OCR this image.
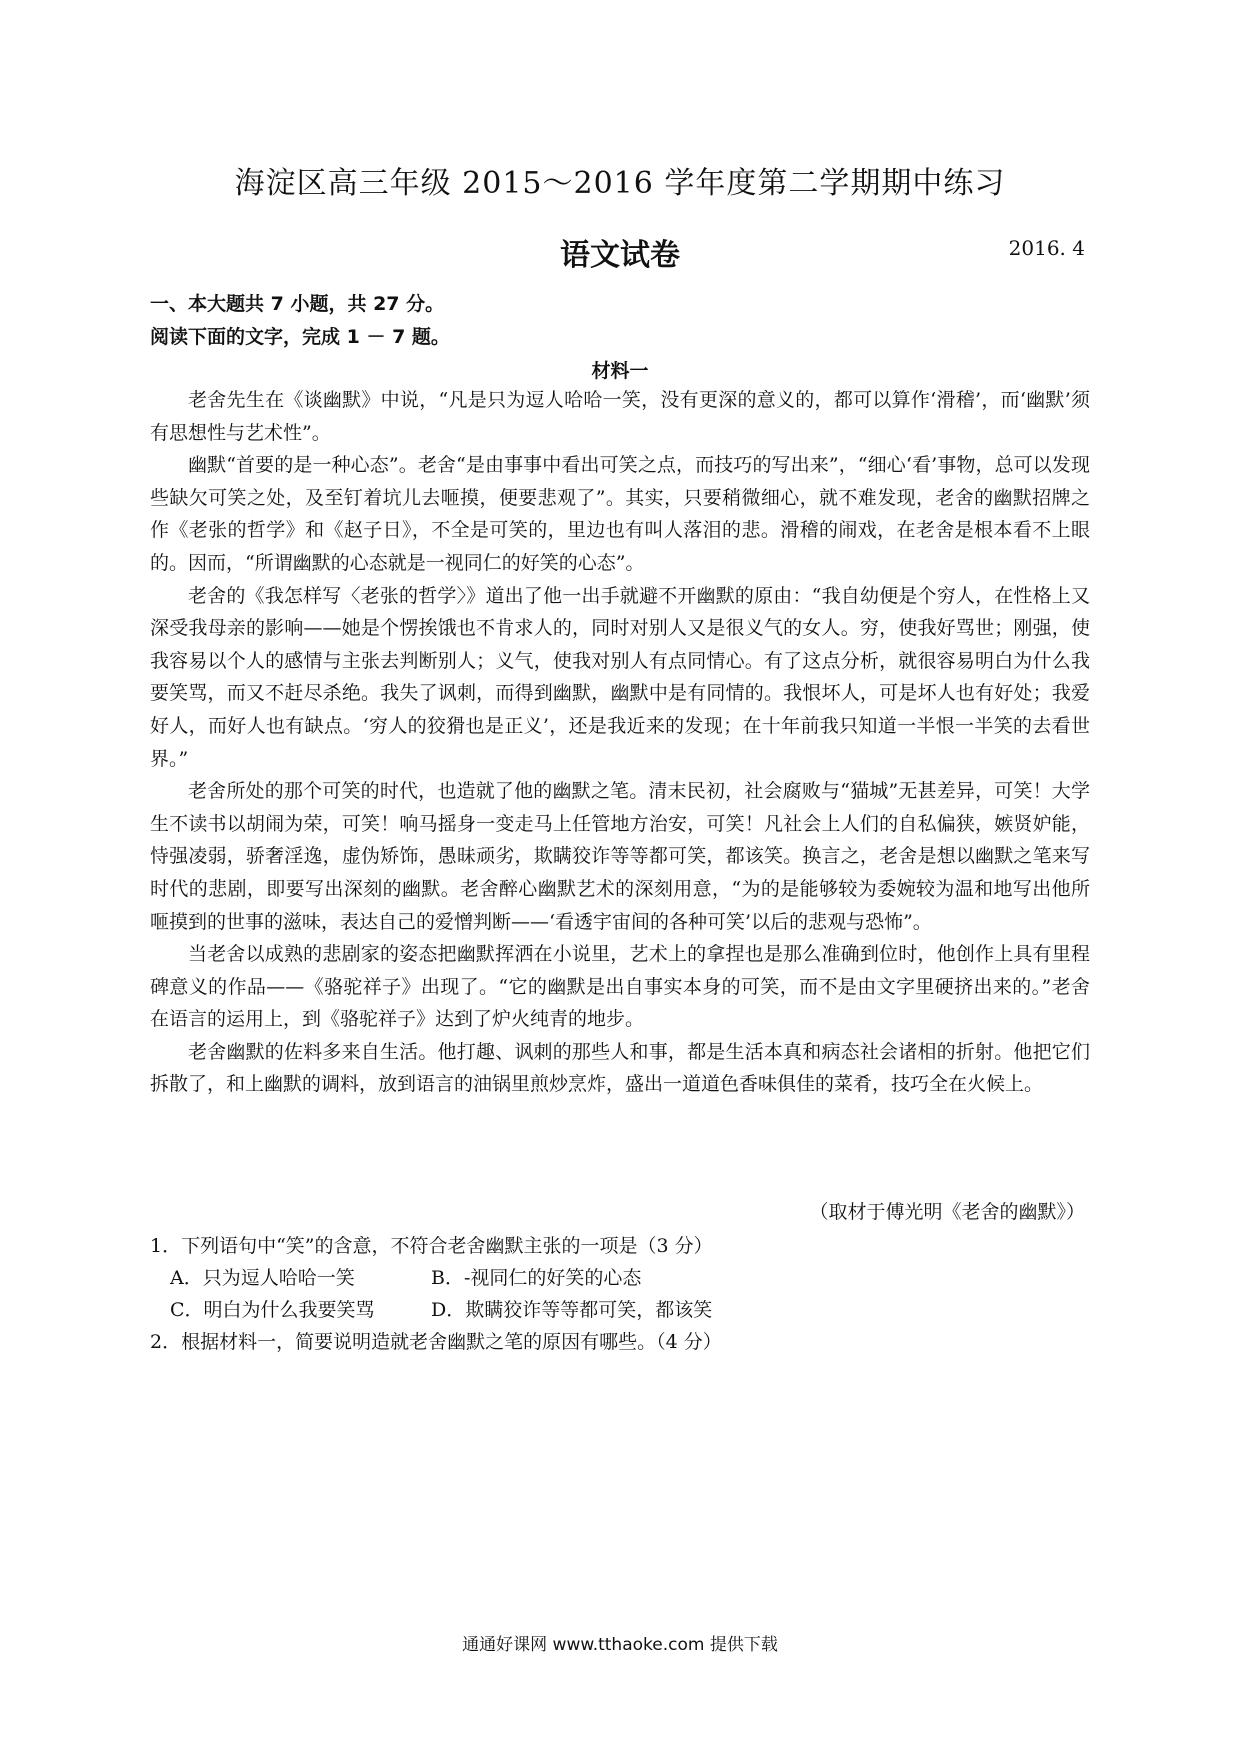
海淀区高三年级 2015～2016 学年度第二学期期中练习
语文试卷	2016. 4
一、本大题共 7 小题，共 27 分。
阅读下面的文字，完成 1 － 7 题。
材料一

老舍先生在《谈幽默》中说，“凡是只为逗人哈哈一笑，没有更深的意义的，都可以算作‘滑稽’，而‘幽默’须有思想性与艺术性”。

幽默“首要的是一种心态”。老舍“是由事事中看出可笑之点，而技巧的写出来”，“细心‘看’事物，总可以发现些缺欠可笑之处，及至钉着坑儿去咂摸，便要悲观了”。其实，只要稍微细心，就不难发现，老舍的幽默招牌之作《老张的哲学》和《赵子日》，不全是可笑的，里边也有叫人落泪的悲。滑稽的闹戏，在老舍是根本看不上眼的。因而，“所谓幽默的心态就是一视同仁的好笑的心态”。

老舍的《我怎样写〈老张的哲学〉》道出了他一出手就避不开幽默的原由：“我自幼便是个穷人，在性格上又深受我母亲的影响——她是个愣挨饿也不肯求人的，同时对别人又是很义气的女人。穷，使我好骂世；刚强，使我容易以个人的感情与主张去判断别人；义气，使我对别人有点同情心。有了这点分析，就很容易明白为什么我要笑骂，而又不赶尽杀绝。我失了讽刺，而得到幽默，幽默中是有同情的。我恨坏人，可是坏人也有好处；我爱好人，而好人也有缺点。‘穷人的狡猾也是正义’，还是我近来的发现；在十年前我只知道一半恨一半笑的去看世界。”

老舍所处的那个可笑的时代，也造就了他的幽默之笔。清末民初，社会腐败与“猫城”无甚差异，可笑！大学生不读书以胡闹为荣，可笑！响马摇身一变走马上任管地方治安，可笑！凡社会上人们的自私偏狭，嫉贤妒能，恃强凌弱，骄奢淫逸，虚伪矫饰，愚昧顽劣，欺瞒狡诈等等都可笑，都该笑。换言之，老舍是想以幽默之笔来写时代的悲剧，即要写出深刻的幽默。老舍醉心幽默艺术的深刻用意，“为的是能够较为委婉较为温和地写出他所咂摸到的世事的滋味，表达自己的爱憎判断——‘看透宇宙间的各种可笑’以后的悲观与恐怖”。

当老舍以成熟的悲剧家的姿态把幽默挥洒在小说里，艺术上的拿捏也是那么准确到位时，他创作上具有里程碑意义的作品——《骆驼祥子》出现了。“它的幽默是出自事实本身的可笑，而不是由文字里硬挤出来的。”老舍在语言的运用上，到《骆驼祥子》达到了炉火纯青的地步。

老舍幽默的佐料多来自生活。他打趣、讽刺的那些人和事，都是生活本真和病态社会诸相的折射。他把它们拆散了，和上幽默的调料，放到语言的油锅里煎炒烹炸，盛出一道道色香味俱佳的菜肴，技巧全在火候上。

（取材于傅光明《老舍的幽默》）

1．下列语句中“笑”的含意，不符合老舍幽默主张的一项是（3 分）

A．只为逗人哈哈一笑	B．-视同仁的好笑的心态

C．明白为什么我要笑骂	D．欺瞒狡诈等等都可笑，都该笑

2．根据材料一，简要说明造就老舍幽默之笔的原因有哪些。（4 分）

通通好课网 www.tthaoke.com 提供下载
